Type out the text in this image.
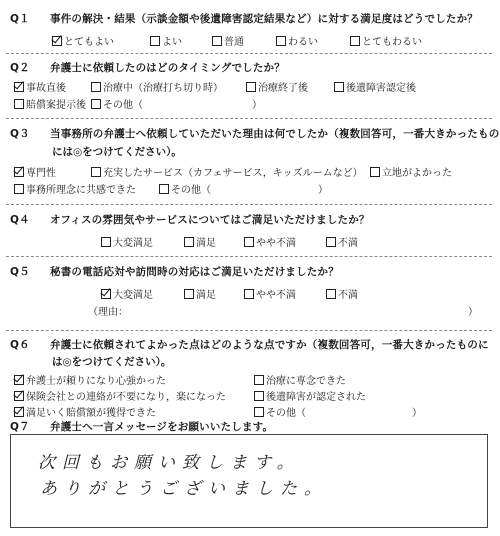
Q１ 事件の解決・結果（示談金額や後遺障害認定結果など）に対する満足度はどうでしたか？
とてもよい	よい	普通	わるい	とてもわるい
Q２ 弁護士に依頼したのはどのタイミングでしたか？
事故直後	治療中（治療打ち切り時）	治療終了後	後遺障害認定後
賠償案提示後 その他（	）
Q３ 当事務所の弁護士へ依頼していただいた理由は何でしたか（複数回答可，一番大きかったもの
には◎をつけてください）。
専門性	充実したサービス（カフェサービス，キッズルームなど） 立地がよかった
事務所理念に共感できた	その他（	）
Q４ オフィスの雰囲気やサービスについてはご満足いただけましたか？
大変満足	満足	やや不満	不満
Q５ 秘書の電話応対や訪問時の対応はご満足いただけましたか？
大変満足	満足	やや不満	不満
（理由：	）
Q６ 弁護士に依頼されてよかった点はどのような点ですか（複数回答可，一番大きかったものに
は◎をつけてください）。
弁護士が頼りになり心強かった	治療に専念できた
保険会社との連絡が不要になり，楽になった	後遺障害が認定された
満足いく賠償額が獲得できた	その他（	）
Q７ 弁護士へ一言メッセージをお願いいたします。
次回もお願い致します。
ありがとうございました。
